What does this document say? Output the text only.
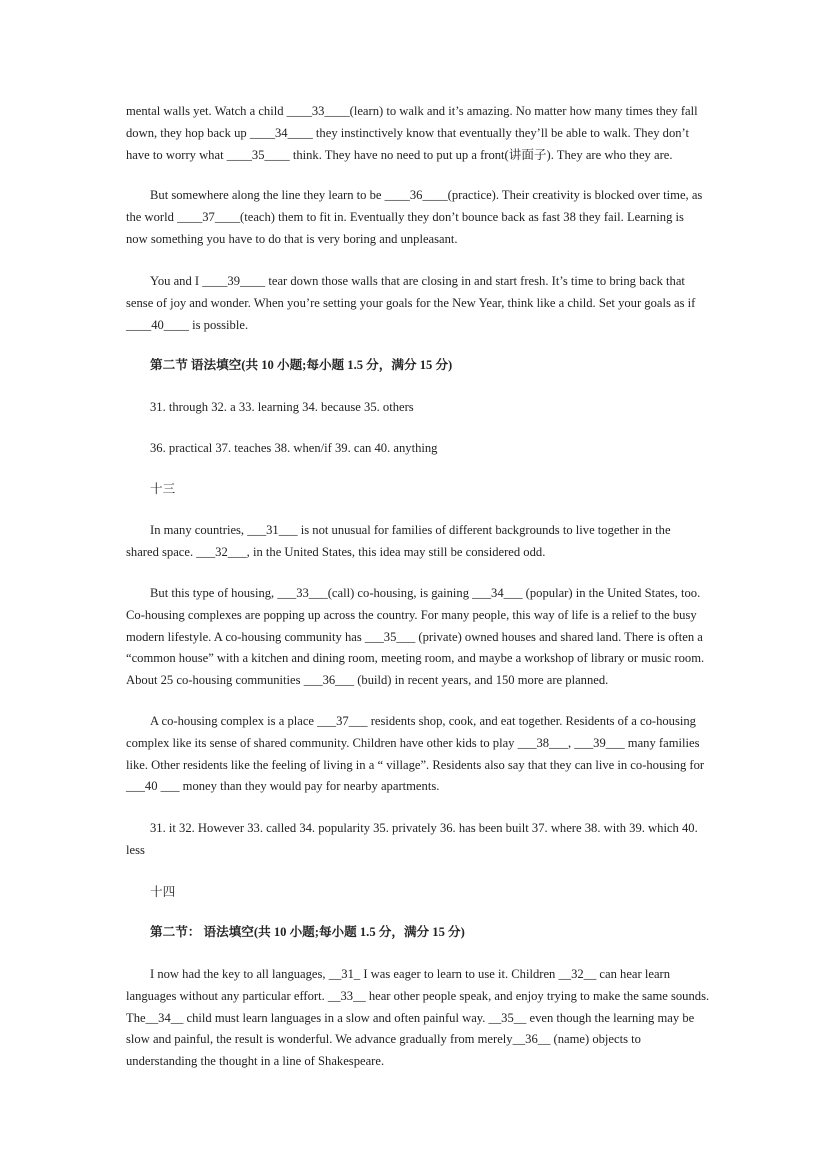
mental walls yet. Watch a child ____33____(learn) to walk and it’s amazing. No matter how many times they fall
down, they hop back up ____34____ they instinctively know that eventually they’ll be able to walk. They don’t
have to worry what ____35____ think. They have no need to put up a front(讲面子). They are who they are.
But somewhere along the line they learn to be ____36____(practice). Their creativity is blocked over time, as
the world ____37____(teach) them to fit in. Eventually they don’t bounce back as fast 38 they fail. Learning is
now something you have to do that is very boring and unpleasant.
You and I ____39____ tear down those walls that are closing in and start fresh. It’s time to bring back that
sense of joy and wonder. When you’re setting your goals for the New Year, think like a child. Set your goals as if
____40____ is possible.
第二节 语法填空(共 10 小题;每小题 1.5 分，满分 15 分)
31. through 32. a 33. learning 34. because 35. others
36. practical 37. teaches 38. when/if 39. can 40. anything
十三
In many countries, ___31___ is not unusual for families of different backgrounds to live together in the
shared space. ___32___, in the United States, this idea may still be considered odd.
But this type of housing, ___33___(call) co-housing, is gaining ___34___ (popular) in the United States, too.
Co-housing complexes are popping up across the country. For many people, this way of life is a relief to the busy
modern lifestyle. A co-housing community has ___35___ (private) owned houses and shared land. There is often a
“common house” with a kitchen and dining room, meeting room, and maybe a workshop of library or music room.
About 25 co-housing communities ___36___ (build) in recent years, and 150 more are planned.
A co-housing complex is a place ___37___ residents shop, cook, and eat together. Residents of a co-housing
complex like its sense of shared community. Children have other kids to play ___38___, ___39___ many families
like. Other residents like the feeling of living in a “ village”. Residents also say that they can live in co-housing for
___40 ___ money than they would pay for nearby apartments.
31. it 32. However 33. called 34. popularity 35. privately 36. has been built 37. where 38. with 39. which 40.
less
十四
第二节： 语法填空(共 10 小题;每小题 1.5 分，满分 15 分)
I now had the key to all languages, __31_ I was eager to learn to use it. Children __32__ can hear learn
languages without any particular effort. __33__ hear other people speak, and enjoy trying to make the same sounds.
The__34__ child must learn languages in a slow and often painful way. __35__ even though the learning may be
slow and painful, the result is wonderful. We advance gradually from merely__36__ (name) objects to
understanding the thought in a line of Shakespeare.
